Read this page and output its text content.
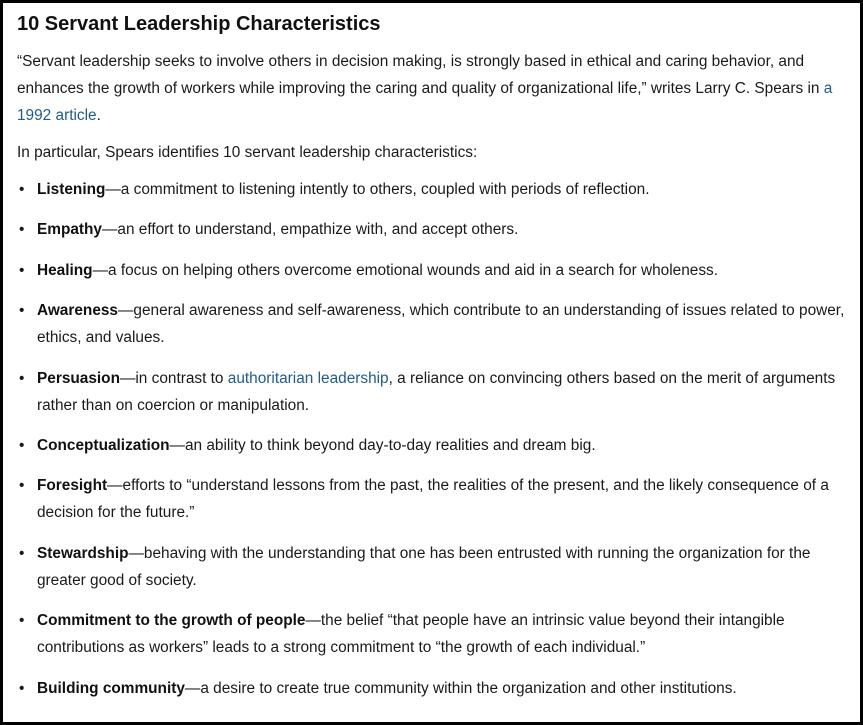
10 Servant Leadership Characteristics

“Servant leadership seeks to involve others in decision making, is strongly based in ethical and caring behavior, and enhances the growth of workers while improving the caring and quality of organizational life,” writes Larry C. Spears in a 1992 article.

In particular, Spears identifies 10 servant leadership characteristics:

• Listening—a commitment to listening intently to others, coupled with periods of reflection.
• Empathy—an effort to understand, empathize with, and accept others.
• Healing—a focus on helping others overcome emotional wounds and aid in a search for wholeness.
• Awareness—general awareness and self-awareness, which contribute to an understanding of issues related to power, ethics, and values.
• Persuasion—in contrast to authoritarian leadership, a reliance on convincing others based on the merit of arguments rather than on coercion or manipulation.
• Conceptualization—an ability to think beyond day-to-day realities and dream big.
• Foresight—efforts to “understand lessons from the past, the realities of the present, and the likely consequence of a decision for the future.”
• Stewardship—behaving with the understanding that one has been entrusted with running the organization for the greater good of society.
• Commitment to the growth of people—the belief “that people have an intrinsic value beyond their intangible contributions as workers” leads to a strong commitment to “the growth of each individual.”
• Building community—a desire to create true community within the organization and other institutions.
